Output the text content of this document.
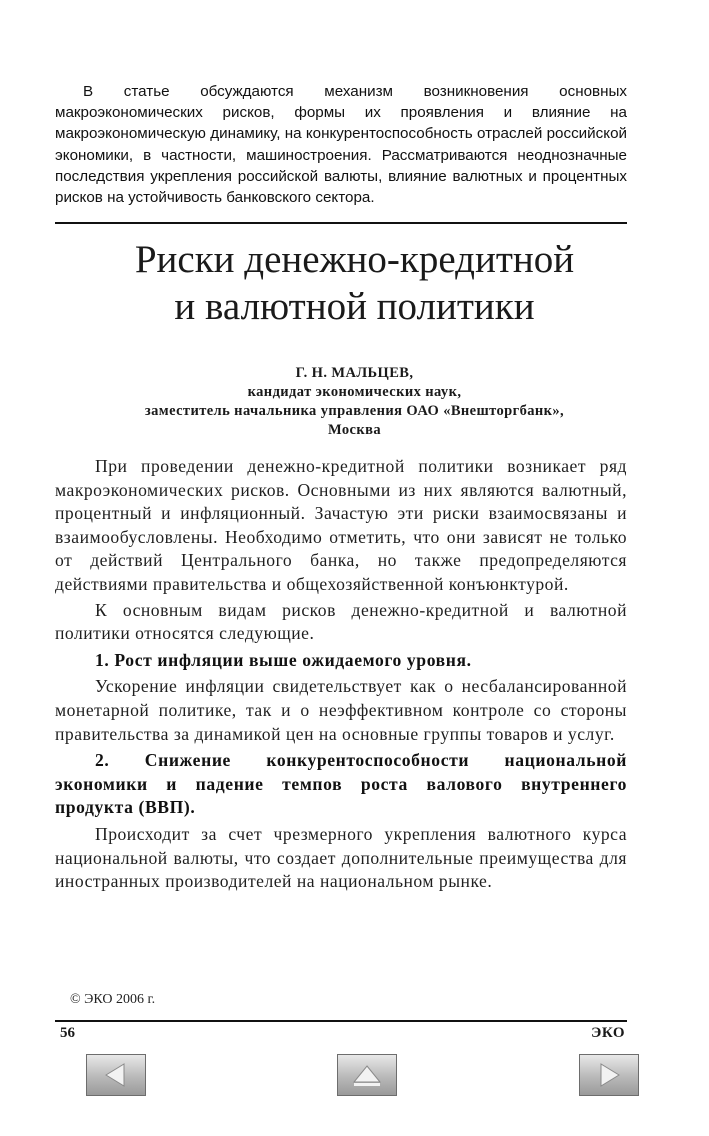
В статье обсуждаются механизм возникновения основных макроэкономических рисков, формы их проявления и влияние на макроэкономическую динамику, на конкурентоспособность отраслей российской экономики, в частности, машиностроения. Рассматриваются неоднозначные последствия укрепления российской валюты, влияние валютных и процентных рисков на устойчивость банковского сектора.

Риски денежно-кредитной
и валютной политики
Г. Н. МАЛЬЦЕВ,
кандидат экономических наук,
заместитель начальника управления ОАО «Внешторгбанк»,
Москва

При проведении денежно-кредитной политики возникает ряд макроэкономических рисков. Основными из них являются валютный, процентный и инфляционный. Зачастую эти риски взаимосвязаны и взаимообусловлены. Необходимо отметить, что они зависят не только от действий Центрального банка, но также предопределяются действиями правительства и общехозяйственной конъюнктурой.

К основным видам рисков денежно-кредитной и валютной политики относятся следующие.

1. Рост инфляции выше ожидаемого уровня.

Ускорение инфляции свидетельствует как о несбалансированной монетарной политике, так и о неэффективном контроле со стороны правительства за динамикой цен на основные группы товаров и услуг.

2. Снижение конкурентоспособности национальной экономики и падение темпов роста валового внутреннего продукта (ВВП).

Происходит за счет чрезмерного укрепления валютного курса национальной валюты, что создает дополнительные преимущества для иностранных производителей на национальном рынке.

© ЭКО 2006 г.
56	ЭКО
